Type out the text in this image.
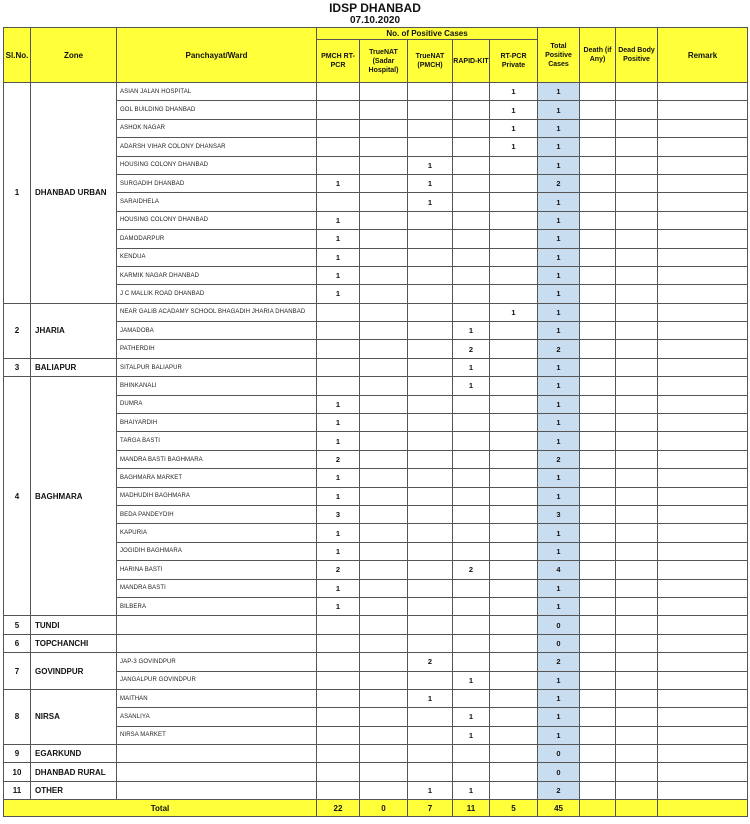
IDSP DHANBAD
07.10.2020
Sl.No.	Zone	Panchayat/Ward	No. of Positive Cases					Total Positive Cases	Death (if Any)	Dead Body Positive	Remark
			PMCH RT-PCR	TrueNAT (Sadar Hospital)	TrueNAT (PMCH)	RAPID-KIT	RT-PCR Private				
1	DHANBAD URBAN	ASIAN JALAN HOSPITAL					1	1			
		GOL BUILDING DHANBAD					1	1			
		ASHOK NAGAR					1	1			
		ADARSH VIHAR COLONY DHANSAR					1	1			
		HOUSING COLONY DHANBAD			1			1			
		SURGADIH DHANBAD	1		1			2			
		SARAIDHELA			1			1			
		HOUSING COLONY DHANBAD	1					1			
		DAMODARPUR	1					1			
		KENDUA	1					1			
		KARMIK NAGAR DHANBAD	1					1			
		J C MALLIK ROAD DHANBAD	1					1			
2	JHARIA	NEAR GALIB ACADAMY SCHOOL BHAGADIH JHARIA DHANBAD					1	1			
		JAMADOBA				1		1			
		PATHERDIH				2		2			
3	BALIAPUR	SITALPUR BALIAPUR				1		1			
4	BAGHMARA	BHINKANALI				1		1			
		DUMRA	1					1			
		BHAIYARDIH	1					1			
		TARGA BASTI	1					1			
		MANDRA BASTI BAGHMARA	2					2			
		BAGHMARA MARKET	1					1			
		MADHUDIH BAGHMARA	1					1			
		BEDA PANDEYDIH	3					3			
		KAPURIA	1					1			
		JOGIDIH BAGHMARA	1					1			
		HARINA BASTI	2			2		4			
		MANDRA BASTI	1					1			
		BILBERA	1					1			
5	TUNDI							0			
6	TOPCHANCHI							0			
7	GOVINDPUR	JAP-3 GOVINDPUR			2			2			
		JANGALPUR GOVINDPUR				1		1			
8	NIRSA	MAITHAN			1			1			
		ASANLIYA				1		1			
		NIRSA MARKET				1		1			
9	EGARKUND							0			
10	DHANBAD RURAL							0			
11	OTHER				1	1		2			
Total			22	0	7	11	5	45			
